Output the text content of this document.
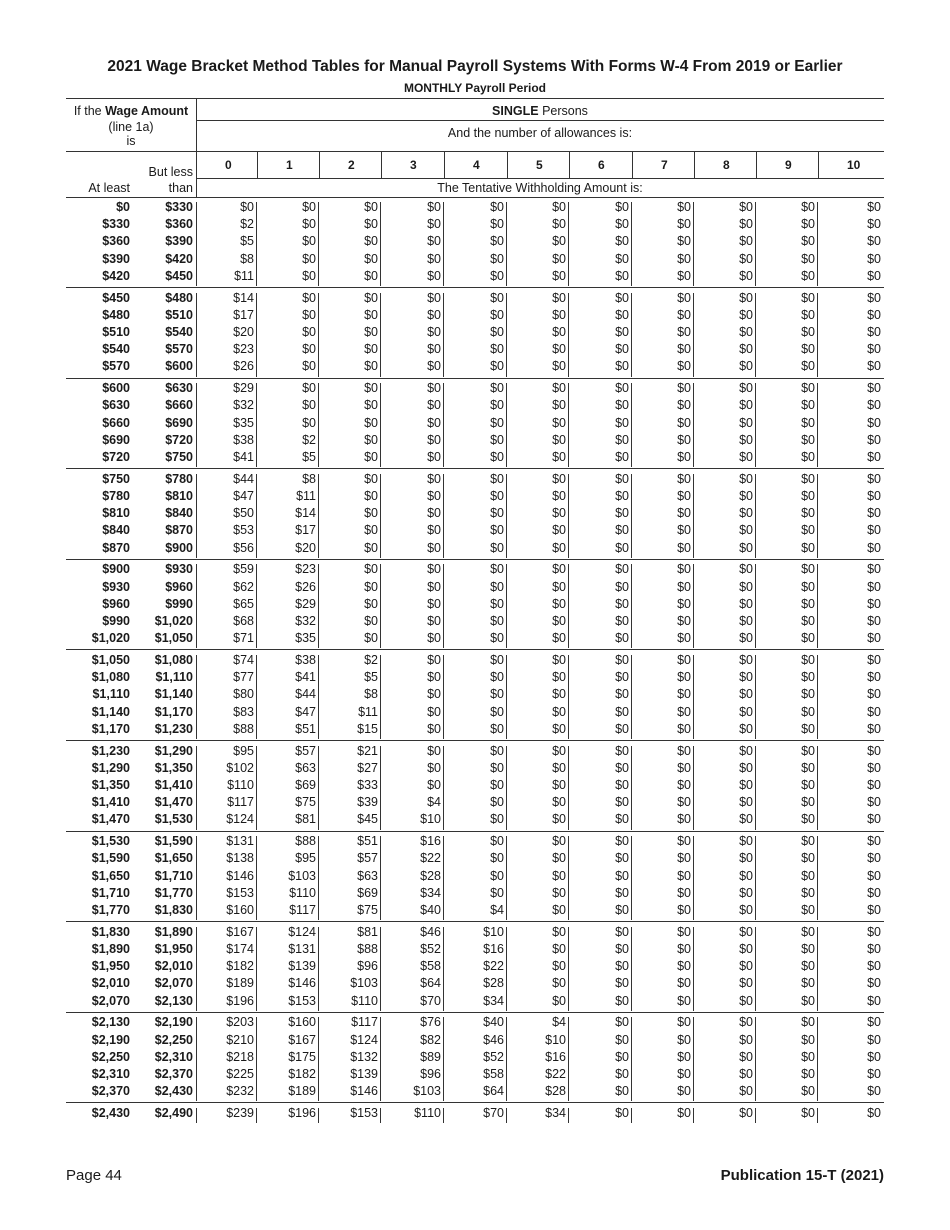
2021 Wage Bracket Method Tables for Manual Payroll Systems With Forms W-4 From 2019 or Earlier
MONTHLY Payroll Period
If the Wage Amount
(line 1a)
is
SINGLE Persons
And the number of allowances is:
But less
than
At least	The Tentative Withholding Amount is:
0	1	2	3	4	5	6	7	8	9	10
$0	$330	$0	$0	$0	$0	$0	$0	$0	$0	$0	$0	$0
$330	$360	$2	$0	$0	$0	$0	$0	$0	$0	$0	$0	$0
$360	$390	$5	$0	$0	$0	$0	$0	$0	$0	$0	$0	$0
$390	$420	$8	$0	$0	$0	$0	$0	$0	$0	$0	$0	$0
$420	$450	$11	$0	$0	$0	$0	$0	$0	$0	$0	$0	$0
$450	$480	$14	$0	$0	$0	$0	$0	$0	$0	$0	$0	$0
$480	$510	$17	$0	$0	$0	$0	$0	$0	$0	$0	$0	$0
$510	$540	$20	$0	$0	$0	$0	$0	$0	$0	$0	$0	$0
$540	$570	$23	$0	$0	$0	$0	$0	$0	$0	$0	$0	$0
$570	$600	$26	$0	$0	$0	$0	$0	$0	$0	$0	$0	$0
$600	$630	$29	$0	$0	$0	$0	$0	$0	$0	$0	$0	$0
$630	$660	$32	$0	$0	$0	$0	$0	$0	$0	$0	$0	$0
$660	$690	$35	$0	$0	$0	$0	$0	$0	$0	$0	$0	$0
$690	$720	$38	$2	$0	$0	$0	$0	$0	$0	$0	$0	$0
$720	$750	$41	$5	$0	$0	$0	$0	$0	$0	$0	$0	$0
$750	$780	$44	$8	$0	$0	$0	$0	$0	$0	$0	$0	$0
$780	$810	$47	$11	$0	$0	$0	$0	$0	$0	$0	$0	$0
$810	$840	$50	$14	$0	$0	$0	$0	$0	$0	$0	$0	$0
$840	$870	$53	$17	$0	$0	$0	$0	$0	$0	$0	$0	$0
$870	$900	$56	$20	$0	$0	$0	$0	$0	$0	$0	$0	$0
$900	$930	$59	$23	$0	$0	$0	$0	$0	$0	$0	$0	$0
$930	$960	$62	$26	$0	$0	$0	$0	$0	$0	$0	$0	$0
$960	$990	$65	$29	$0	$0	$0	$0	$0	$0	$0	$0	$0
$990	$1,020	$68	$32	$0	$0	$0	$0	$0	$0	$0	$0	$0
$1,020	$1,050	$71	$35	$0	$0	$0	$0	$0	$0	$0	$0	$0
$1,050	$1,080	$74	$38	$2	$0	$0	$0	$0	$0	$0	$0	$0
$1,080	$1,110	$77	$41	$5	$0	$0	$0	$0	$0	$0	$0	$0
$1,110	$1,140	$80	$44	$8	$0	$0	$0	$0	$0	$0	$0	$0
$1,140	$1,170	$83	$47	$11	$0	$0	$0	$0	$0	$0	$0	$0
$1,170	$1,230	$88	$51	$15	$0	$0	$0	$0	$0	$0	$0	$0
$1,230	$1,290	$95	$57	$21	$0	$0	$0	$0	$0	$0	$0	$0
$1,290	$1,350	$102	$63	$27	$0	$0	$0	$0	$0	$0	$0	$0
$1,350	$1,410	$110	$69	$33	$0	$0	$0	$0	$0	$0	$0	$0
$1,410	$1,470	$117	$75	$39	$4	$0	$0	$0	$0	$0	$0	$0
$1,470	$1,530	$124	$81	$45	$10	$0	$0	$0	$0	$0	$0	$0
$1,530	$1,590	$131	$88	$51	$16	$0	$0	$0	$0	$0	$0	$0
$1,590	$1,650	$138	$95	$57	$22	$0	$0	$0	$0	$0	$0	$0
$1,650	$1,710	$146	$103	$63	$28	$0	$0	$0	$0	$0	$0	$0
$1,710	$1,770	$153	$110	$69	$34	$0	$0	$0	$0	$0	$0	$0
$1,770	$1,830	$160	$117	$75	$40	$4	$0	$0	$0	$0	$0	$0
$1,830	$1,890	$167	$124	$81	$46	$10	$0	$0	$0	$0	$0	$0
$1,890	$1,950	$174	$131	$88	$52	$16	$0	$0	$0	$0	$0	$0
$1,950	$2,010	$182	$139	$96	$58	$22	$0	$0	$0	$0	$0	$0
$2,010	$2,070	$189	$146	$103	$64	$28	$0	$0	$0	$0	$0	$0
$2,070	$2,130	$196	$153	$110	$70	$34	$0	$0	$0	$0	$0	$0
$2,130	$2,190	$203	$160	$117	$76	$40	$4	$0	$0	$0	$0	$0
$2,190	$2,250	$210	$167	$124	$82	$46	$10	$0	$0	$0	$0	$0
$2,250	$2,310	$218	$175	$132	$89	$52	$16	$0	$0	$0	$0	$0
$2,310	$2,370	$225	$182	$139	$96	$58	$22	$0	$0	$0	$0	$0
$2,370	$2,430	$232	$189	$146	$103	$64	$28	$0	$0	$0	$0	$0
$2,430	$2,490	$239	$196	$153	$110	$70	$34	$0	$0	$0	$0	$0
Page 44	Publication 15-T (2021)
